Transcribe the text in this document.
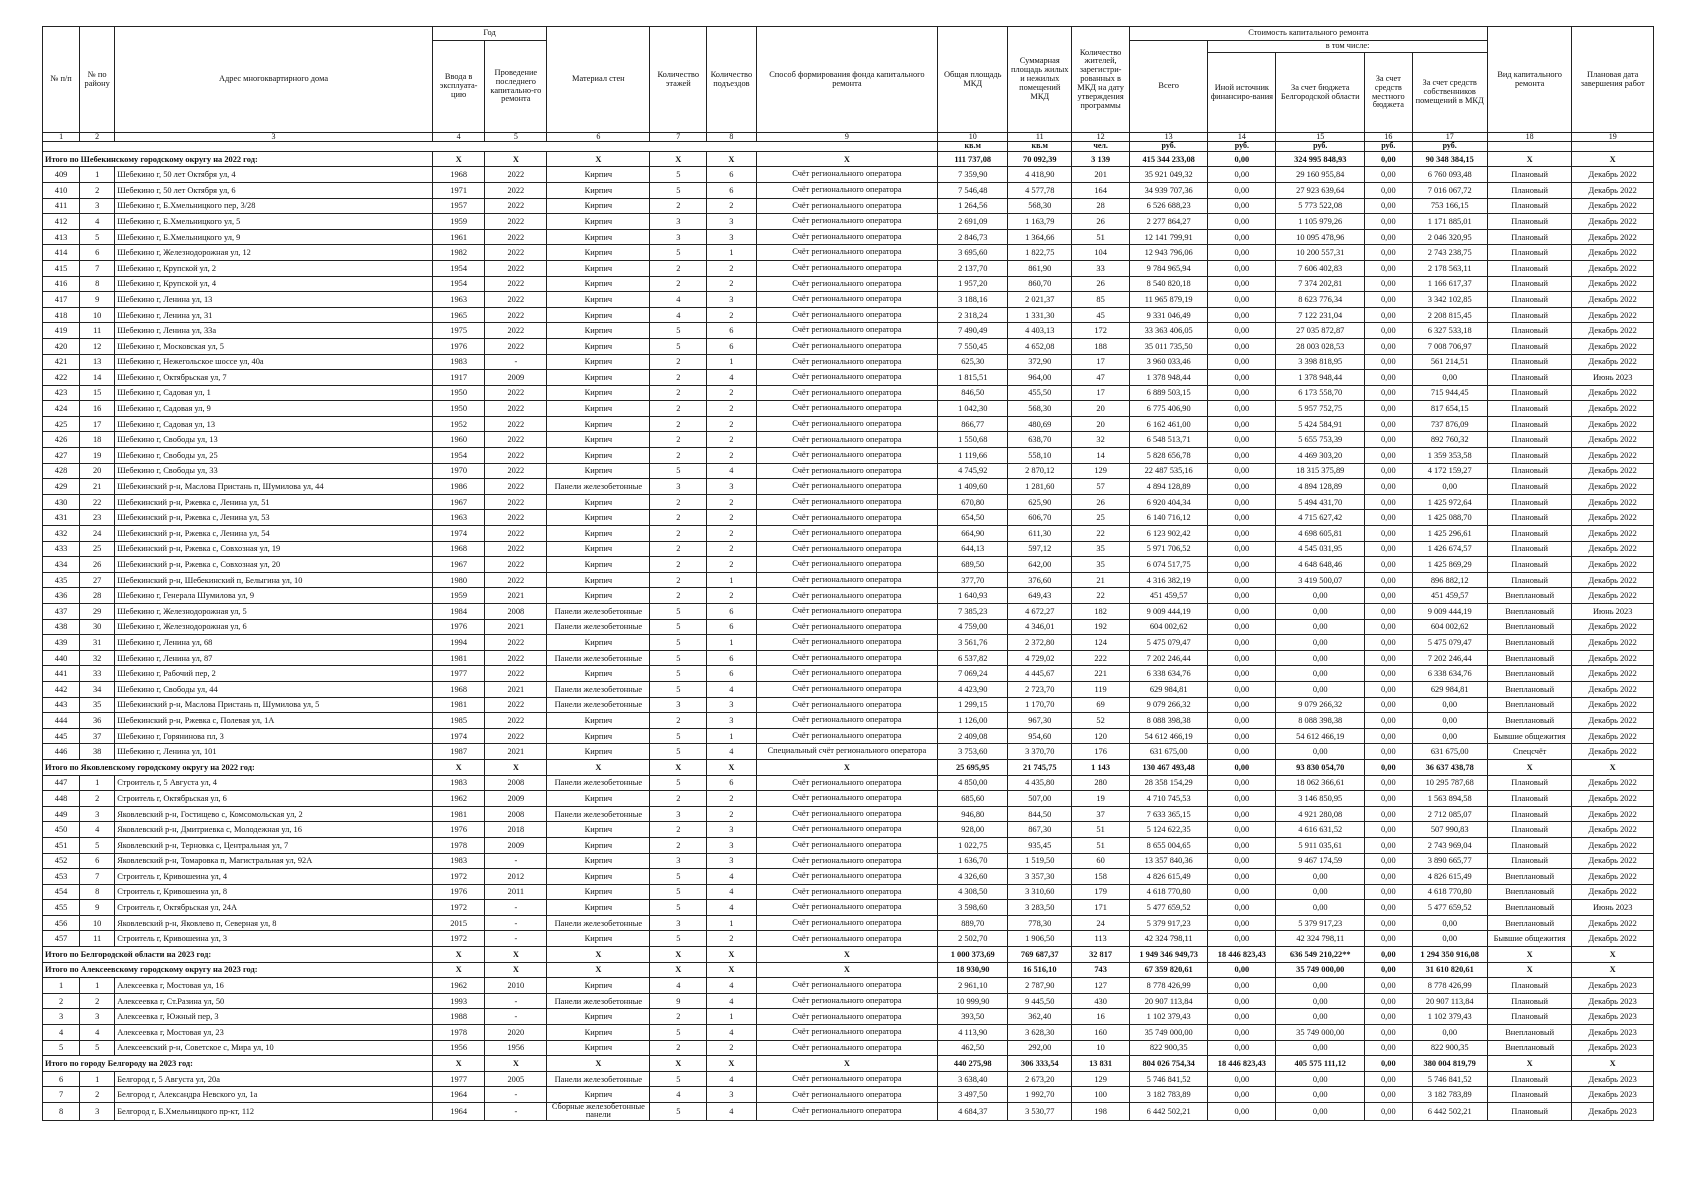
№ п/п	№ по району	Адрес многоквартирного дома	Год		Материал стен	Количество этажей	Количество подъездов	Способ формирования фонда капитального ремонта	Общая площадь МКД	Суммарная площадь жилых и нежилых помещений МКД	Количество жителей, зарегистри-рованных в МКД на дату утверждения программы	Стоимость капитального ремонта					Вид капитального ремонта	Плановая дата завершения работ
			Ввода в эксплуата-цию	Проведение последнего капитально-го ремонта								Всего	в том числе:					
													Иной источник финансиро-вания	За счет бюджета Белгородской области	За счет средств местного бюджета	За счет средств собственников помещений в МКД		
1	2	3	4	5	6	7	8	9	10	11	12	13	14	15	16	17	18	19
									кв.м	кв.м	чел.	руб.	руб.	руб.	руб.	руб.		
Итого по Шебекинскому городскому округу на 2022 год:			X	X	X	X	X	X	111 737,08	70 092,39	3 139	415 344 233,08	0,00	324 995 848,93	0,00	90 348 384,15	X	X
409	1	Шебекино г, 50 лет Октября ул, 4	1968	2022	Кирпич	5	6	Счёт регионального оператора	7 359,90	4 418,90	201	35 921 049,32	0,00	29 160 955,84	0,00	6 760 093,48	Плановый	Декабрь 2022
410	2	Шебекино г, 50 лет Октября ул, 6	1971	2022	Кирпич	5	6	Счёт регионального оператора	7 546,48	4 577,78	164	34 939 707,36	0,00	27 923 639,64	0,00	7 016 067,72	Плановый	Декабрь 2022
411	3	Шебекино г, Б.Хмельницкого пер, 3/28	1957	2022	Кирпич	2	2	Счёт регионального оператора	1 264,56	568,30	28	6 526 688,23	0,00	5 773 522,08	0,00	753 166,15	Плановый	Декабрь 2022
412	4	Шебекино г, Б.Хмельницкого ул, 5	1959	2022	Кирпич	3	3	Счёт регионального оператора	2 691,09	1 163,79	26	2 277 864,27	0,00	1 105 979,26	0,00	1 171 885,01	Плановый	Декабрь 2022
413	5	Шебекино г, Б.Хмельницкого ул, 9	1961	2022	Кирпич	3	3	Счёт регионального оператора	2 846,73	1 364,66	51	12 141 799,91	0,00	10 095 478,96	0,00	2 046 320,95	Плановый	Декабрь 2022
414	6	Шебекино г, Железнодорожная ул, 12	1982	2022	Кирпич	5	1	Счёт регионального оператора	3 695,60	1 822,75	104	12 943 796,06	0,00	10 200 557,31	0,00	2 743 238,75	Плановый	Декабрь 2022
415	7	Шебекино г, Крупской ул, 2	1954	2022	Кирпич	2	2	Счёт регионального оператора	2 137,70	861,90	33	9 784 965,94	0,00	7 606 402,83	0,00	2 178 563,11	Плановый	Декабрь 2022
416	8	Шебекино г, Крупской ул, 4	1954	2022	Кирпич	2	2	Счёт регионального оператора	1 957,20	860,70	26	8 540 820,18	0,00	7 374 202,81	0,00	1 166 617,37	Плановый	Декабрь 2022
417	9	Шебекино г, Ленина ул, 13	1963	2022	Кирпич	4	3	Счёт регионального оператора	3 188,16	2 021,37	85	11 965 879,19	0,00	8 623 776,34	0,00	3 342 102,85	Плановый	Декабрь 2022
418	10	Шебекино г, Ленина ул, 31	1965	2022	Кирпич	4	2	Счёт регионального оператора	2 318,24	1 331,30	45	9 331 046,49	0,00	7 122 231,04	0,00	2 208 815,45	Плановый	Декабрь 2022
419	11	Шебекино г, Ленина ул, 33а	1975	2022	Кирпич	5	6	Счёт регионального оператора	7 490,49	4 403,13	172	33 363 406,05	0,00	27 035 872,87	0,00	6 327 533,18	Плановый	Декабрь 2022
420	12	Шебекино г, Московская ул, 5	1976	2022	Кирпич	5	6	Счёт регионального оператора	7 550,45	4 652,08	188	35 011 735,50	0,00	28 003 028,53	0,00	7 008 706,97	Плановый	Декабрь 2022
421	13	Шебекино г, Нежегольское шоссе ул, 40а	1983	-	Кирпич	2	1	Счёт регионального оператора	625,30	372,90	17	3 960 033,46	0,00	3 398 818,95	0,00	561 214,51	Плановый	Декабрь 2022
422	14	Шебекино г, Октябрьская ул, 7	1917	2009	Кирпич	2	4	Счёт регионального оператора	1 815,51	964,00	47	1 378 948,44	0,00	1 378 948,44	0,00	0,00	Плановый	Июнь 2023
423	15	Шебекино г, Садовая ул, 1	1950	2022	Кирпич	2	2	Счёт регионального оператора	846,50	455,50	17	6 889 503,15	0,00	6 173 558,70	0,00	715 944,45	Плановый	Декабрь 2022
424	16	Шебекино г, Садовая ул, 9	1950	2022	Кирпич	2	2	Счёт регионального оператора	1 042,30	568,30	20	6 775 406,90	0,00	5 957 752,75	0,00	817 654,15	Плановый	Декабрь 2022
425	17	Шебекино г, Садовая ул, 13	1952	2022	Кирпич	2	2	Счёт регионального оператора	866,77	480,69	20	6 162 461,00	0,00	5 424 584,91	0,00	737 876,09	Плановый	Декабрь 2022
426	18	Шебекино г, Свободы ул, 13	1960	2022	Кирпич	2	2	Счёт регионального оператора	1 550,68	638,70	32	6 548 513,71	0,00	5 655 753,39	0,00	892 760,32	Плановый	Декабрь 2022
427	19	Шебекино г, Свободы ул, 25	1954	2022	Кирпич	2	2	Счёт регионального оператора	1 119,66	558,10	14	5 828 656,78	0,00	4 469 303,20	0,00	1 359 353,58	Плановый	Декабрь 2022
428	20	Шебекино г, Свободы ул, 33	1970	2022	Кирпич	5	4	Счёт регионального оператора	4 745,92	2 870,12	129	22 487 535,16	0,00	18 315 375,89	0,00	4 172 159,27	Плановый	Декабрь 2022
429	21	Шебекинский р-н, Маслова Пристань п, Шумилова ул, 44	1986	2022	Панели железобетонные	3	3	Счёт регионального оператора	1 409,60	1 281,60	57	4 894 128,89	0,00	4 894 128,89	0,00	0,00	Плановый	Декабрь 2022
430	22	Шебекинский р-н, Ржевка с, Ленина ул, 51	1967	2022	Кирпич	2	2	Счёт регионального оператора	670,80	625,90	26	6 920 404,34	0,00	5 494 431,70	0,00	1 425 972,64	Плановый	Декабрь 2022
431	23	Шебекинский р-н, Ржевка с, Ленина ул, 53	1963	2022	Кирпич	2	2	Счёт регионального оператора	654,50	606,70	25	6 140 716,12	0,00	4 715 627,42	0,00	1 425 088,70	Плановый	Декабрь 2022
432	24	Шебекинский р-н, Ржевка с, Ленина ул, 54	1974	2022	Кирпич	2	2	Счёт регионального оператора	664,90	611,30	22	6 123 902,42	0,00	4 698 605,81	0,00	1 425 296,61	Плановый	Декабрь 2022
433	25	Шебекинский р-н, Ржевка с, Совхозная ул, 19	1968	2022	Кирпич	2	2	Счёт регионального оператора	644,13	597,12	35	5 971 706,52	0,00	4 545 031,95	0,00	1 426 674,57	Плановый	Декабрь 2022
434	26	Шебекинский р-н, Ржевка с, Совхозная ул, 20	1967	2022	Кирпич	2	2	Счёт регионального оператора	689,50	642,00	35	6 074 517,75	0,00	4 648 648,46	0,00	1 425 869,29	Плановый	Декабрь 2022
435	27	Шебекинский р-н, Шебекинский п, Белыгина ул, 10	1980	2022	Кирпич	2	1	Счёт регионального оператора	377,70	376,60	21	4 316 382,19	0,00	3 419 500,07	0,00	896 882,12	Плановый	Декабрь 2022
436	28	Шебекино г, Генерала Шумилова ул, 9	1959	2021	Кирпич	2	2	Счёт регионального оператора	1 640,93	649,43	22	451 459,57	0,00	0,00	0,00	451 459,57	Внеплановый	Декабрь 2022
437	29	Шебекино г, Железнодорожная ул, 5	1984	2008	Панели железобетонные	5	6	Счёт регионального оператора	7 385,23	4 672,27	182	9 009 444,19	0,00	0,00	0,00	9 009 444,19	Внеплановый	Июнь 2023
438	30	Шебекино г, Железнодорожная ул, 6	1976	2021	Панели железобетонные	5	6	Счёт регионального оператора	4 759,00	4 346,01	192	604 002,62	0,00	0,00	0,00	604 002,62	Внеплановый	Декабрь 2022
439	31	Шебекино г, Ленина ул, 68	1994	2022	Кирпич	5	1	Счёт регионального оператора	3 561,76	2 372,80	124	5 475 079,47	0,00	0,00	0,00	5 475 079,47	Внеплановый	Декабрь 2022
440	32	Шебекино г, Ленина ул, 87	1981	2022	Панели железобетонные	5	6	Счёт регионального оператора	6 537,82	4 729,02	222	7 202 246,44	0,00	0,00	0,00	7 202 246,44	Внеплановый	Декабрь 2022
441	33	Шебекино г, Рабочий пер, 2	1977	2022	Кирпич	5	6	Счёт регионального оператора	7 069,24	4 445,67	221	6 338 634,76	0,00	0,00	0,00	6 338 634,76	Внеплановый	Декабрь 2022
442	34	Шебекино г, Свободы ул, 44	1968	2021	Панели железобетонные	5	4	Счёт регионального оператора	4 423,90	2 723,70	119	629 984,81	0,00	0,00	0,00	629 984,81	Внеплановый	Декабрь 2022
443	35	Шебекинский р-н, Маслова Пристань п, Шумилова ул, 5	1981	2022	Панели железобетонные	3	3	Счёт регионального оператора	1 299,15	1 170,70	69	9 079 266,32	0,00	9 079 266,32	0,00	0,00	Внеплановый	Декабрь 2022
444	36	Шебекинский р-н, Ржевка с, Полевая ул, 1А	1985	2022	Кирпич	2	3	Счёт регионального оператора	1 126,00	967,30	52	8 088 398,38	0,00	8 088 398,38	0,00	0,00	Внеплановый	Декабрь 2022
445	37	Шебекино г, Горянинова пл, 3	1974	2022	Кирпич	5	1	Счёт регионального оператора	2 409,08	954,60	120	54 612 466,19	0,00	54 612 466,19	0,00	0,00	Бывшие общежития	Декабрь 2022
446	38	Шебекино г, Ленина ул, 101	1987	2021	Кирпич	5	4	Специальный счёт регионального оператора	3 753,60	3 370,70	176	631 675,00	0,00	0,00	0,00	631 675,00	Спецсчёт	Декабрь 2022
Итого по Яковлевскому городскому округу на 2022 год:			X	X	X	X	X	X	25 695,95	21 745,75	1 143	130 467 493,48	0,00	93 830 054,70	0,00	36 637 438,78	X	X
447	1	Строитель г, 5 Августа ул, 4	1983	2008	Панели железобетонные	5	6	Счёт регионального оператора	4 850,00	4 435,80	280	28 358 154,29	0,00	18 062 366,61	0,00	10 295 787,68	Плановый	Декабрь 2022
448	2	Строитель г, Октябрьская ул, 6	1962	2009	Кирпич	2	2	Счёт регионального оператора	685,60	507,00	19	4 710 745,53	0,00	3 146 850,95	0,00	1 563 894,58	Плановый	Декабрь 2022
449	3	Яковлевский р-н, Гостищево с, Комсомольская ул, 2	1981	2008	Панели железобетонные	3	2	Счёт регионального оператора	946,80	844,50	37	7 633 365,15	0,00	4 921 280,08	0,00	2 712 085,07	Плановый	Декабрь 2022
450	4	Яковлевский р-н, Дмитриевка с, Молодежная ул, 16	1976	2018	Кирпич	2	3	Счёт регионального оператора	928,00	867,30	51	5 124 622,35	0,00	4 616 631,52	0,00	507 990,83	Плановый	Декабрь 2022
451	5	Яковлевский р-н, Терновка с, Центральная ул, 7	1978	2009	Кирпич	2	3	Счёт регионального оператора	1 022,75	935,45	51	8 655 004,65	0,00	5 911 035,61	0,00	2 743 969,04	Плановый	Декабрь 2022
452	6	Яковлевский р-н, Томаровка п, Магистральная ул, 92А	1983	-	Кирпич	3	3	Счёт регионального оператора	1 636,70	1 519,50	60	13 357 840,36	0,00	9 467 174,59	0,00	3 890 665,77	Плановый	Декабрь 2022
453	7	Строитель г, Кривошеина ул, 4	1972	2012	Кирпич	5	4	Счёт регионального оператора	4 326,60	3 357,30	158	4 826 615,49	0,00	0,00	0,00	4 826 615,49	Внеплановый	Декабрь 2022
454	8	Строитель г, Кривошеина ул, 8	1976	2011	Кирпич	5	4	Счёт регионального оператора	4 308,50	3 310,60	179	4 618 770,80	0,00	0,00	0,00	4 618 770,80	Внеплановый	Декабрь 2022
455	9	Строитель г, Октябрьская ул, 24А	1972	-	Кирпич	5	4	Счёт регионального оператора	3 598,60	3 283,50	171	5 477 659,52	0,00	0,00	0,00	5 477 659,52	Внеплановый	Июнь 2023
456	10	Яковлевский р-н, Яковлево п, Северная ул, 8	2015	-	Панели железобетонные	3	1	Счёт регионального оператора	889,70	778,30	24	5 379 917,23	0,00	5 379 917,23	0,00	0,00	Внеплановый	Декабрь 2022
457	11	Строитель г, Кривошеина ул, 3	1972	-	Кирпич	5	2	Счёт регионального оператора	2 502,70	1 906,50	113	42 324 798,11	0,00	42 324 798,11	0,00	0,00	Бывшие общежития	Декабрь 2022
Итого по Белгородской области на 2023 год:			X	X	X	X	X	X	1 000 373,69	769 687,37	32 817	1 949 346 949,73	18 446 823,43	636 549 210,22**	0,00	1 294 350 916,08	X	X
Итого по Алексеевскому городскому округу на 2023 год:			X	X	X	X	X	X	18 930,90	16 516,10	743	67 359 820,61	0,00	35 749 000,00	0,00	31 610 820,61	X	X
1	1	Алексеевка г, Мостовая ул, 16	1962	2010	Кирпич	4	4	Счёт регионального оператора	2 961,10	2 787,90	127	8 778 426,99	0,00	0,00	0,00	8 778 426,99	Плановый	Декабрь 2023
2	2	Алексеевка г, Ст.Разина ул, 50	1993	-	Панели железобетонные	9	4	Счёт регионального оператора	10 999,90	9 445,50	430	20 907 113,84	0,00	0,00	0,00	20 907 113,84	Плановый	Декабрь 2023
3	3	Алексеевка г, Южный пер, 3	1988	-	Кирпич	2	1	Счёт регионального оператора	393,50	362,40	16	1 102 379,43	0,00	0,00	0,00	1 102 379,43	Плановый	Декабрь 2023
4	4	Алексеевка г, Мостовая ул, 23	1978	2020	Кирпич	5	4	Счёт регионального оператора	4 113,90	3 628,30	160	35 749 000,00	0,00	35 749 000,00	0,00	0,00	Внеплановый	Декабрь 2023
5	5	Алексеевский р-н, Советское с, Мира ул, 10	1956	1956	Кирпич	2	2	Счёт регионального оператора	462,50	292,00	10	822 900,35	0,00	0,00	0,00	822 900,35	Внеплановый	Декабрь 2023
Итого по городу Белгороду на 2023 год:			X	X	X	X	X	X	440 275,98	306 333,54	13 831	804 026 754,34	18 446 823,43	405 575 111,12	0,00	380 004 819,79	X	X
6	1	Белгород г, 5 Августа ул, 20а	1977	2005	Панели железобетонные	5	4	Счёт регионального оператора	3 638,40	2 673,20	129	5 746 841,52	0,00	0,00	0,00	5 746 841,52	Плановый	Декабрь 2023
7	2	Белгород г, Александра Невского ул, 1а	1964	-	Кирпич	4	3	Счёт регионального оператора	3 497,50	1 992,70	100	3 182 783,89	0,00	0,00	0,00	3 182 783,89	Плановый	Декабрь 2023
8	3	Белгород г, Б.Хмельницкого пр-кт, 112	1964	-	Сборные железобетонные панели	5	4	Счёт регионального оператора	4 684,37	3 530,77	198	6 442 502,21	0,00	0,00	0,00	6 442 502,21	Плановый	Декабрь 2023
